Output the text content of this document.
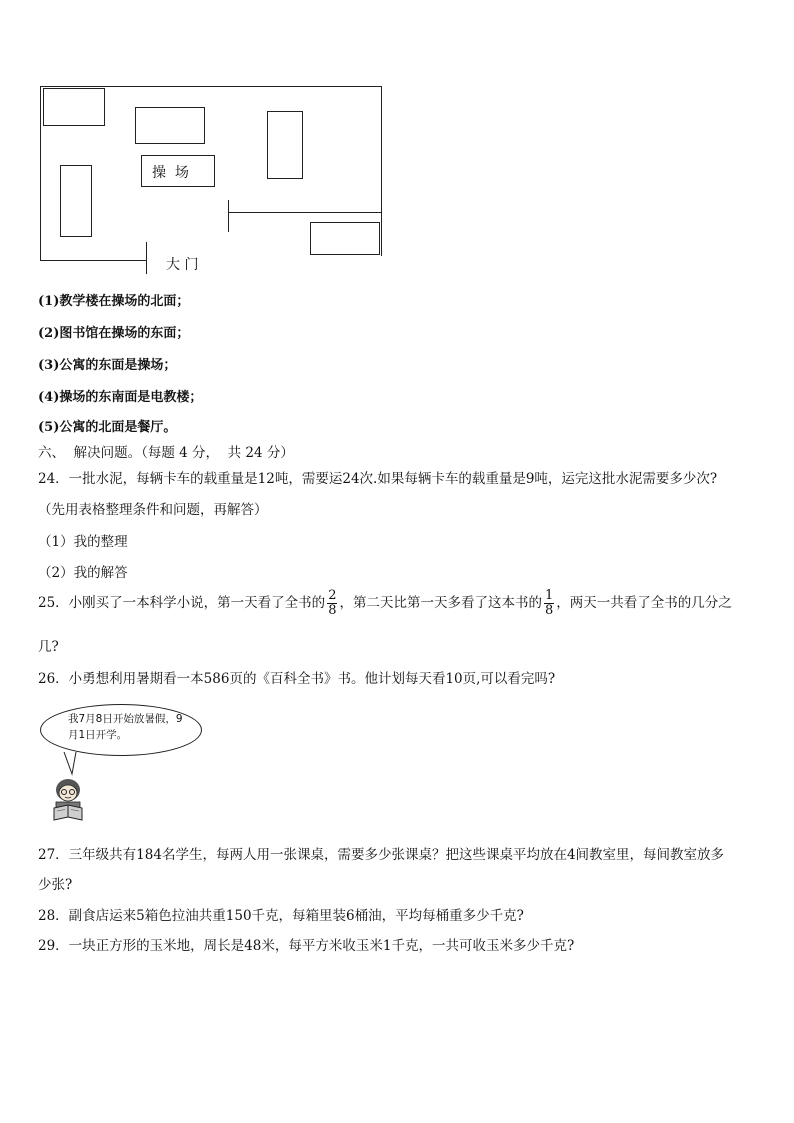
操  场
大 门
(1)教学楼在操场的北面；
(2)图书馆在操场的东面；
(3)公寓的东面是操场；
(4)操场的东南面是电教楼；
(5)公寓的北面是餐厅。
六、  解决问题。（每题 4 分，  共 24 分）
24．一批水泥，每辆卡车的载重量是12吨，需要运24次.如果每辆卡车的载重量是9吨，运完这批水泥需要多少次?
（先用表格整理条件和问题，再解答）
（1）我的整理
（2）我的解答
25．小刚买了一本科学小说，第一天看了全书的 $\frac{2}{8}$ ，第二天比第一天多看了这本书的 $\frac{1}{8}$ ，两天一共看了全书的几分之
几?
26．小勇想利用暑期看一本586页的《百科全书》书。他计划每天看10页,可以看完吗?
我7月8日开始放暑假，9月1日开学。
27．三年级共有184名学生，每两人用一张课桌，需要多少张课桌？把这些课桌平均放在4间教室里，每间教室放多
少张?
28．副食店运来5箱色拉油共重150千克，每箱里装6桶油，平均每桶重多少千克?
29．一块正方形的玉米地，周长是48米，每平方米收玉米1千克，一共可收玉米多少千克?
